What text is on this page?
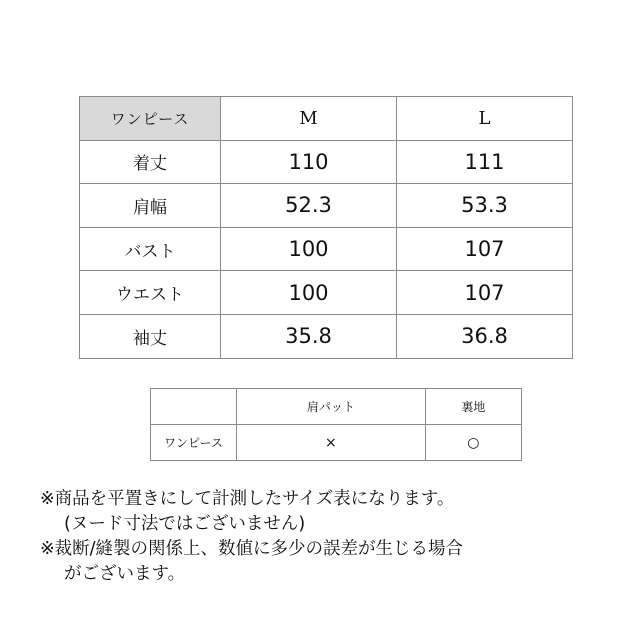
ワンピース	M	L
着丈	110	111
肩幅	52.3	53.3
バスト	100	107
ウエスト	100	107
袖丈	35.8	36.8
	肩パット	裏地
ワンピース	×	○
※商品を平置きにして計測したサイズ表になります。
(ヌード寸法ではございません)
※裁断/縫製の関係上、数値に多少の誤差が生じる場合
がございます。
